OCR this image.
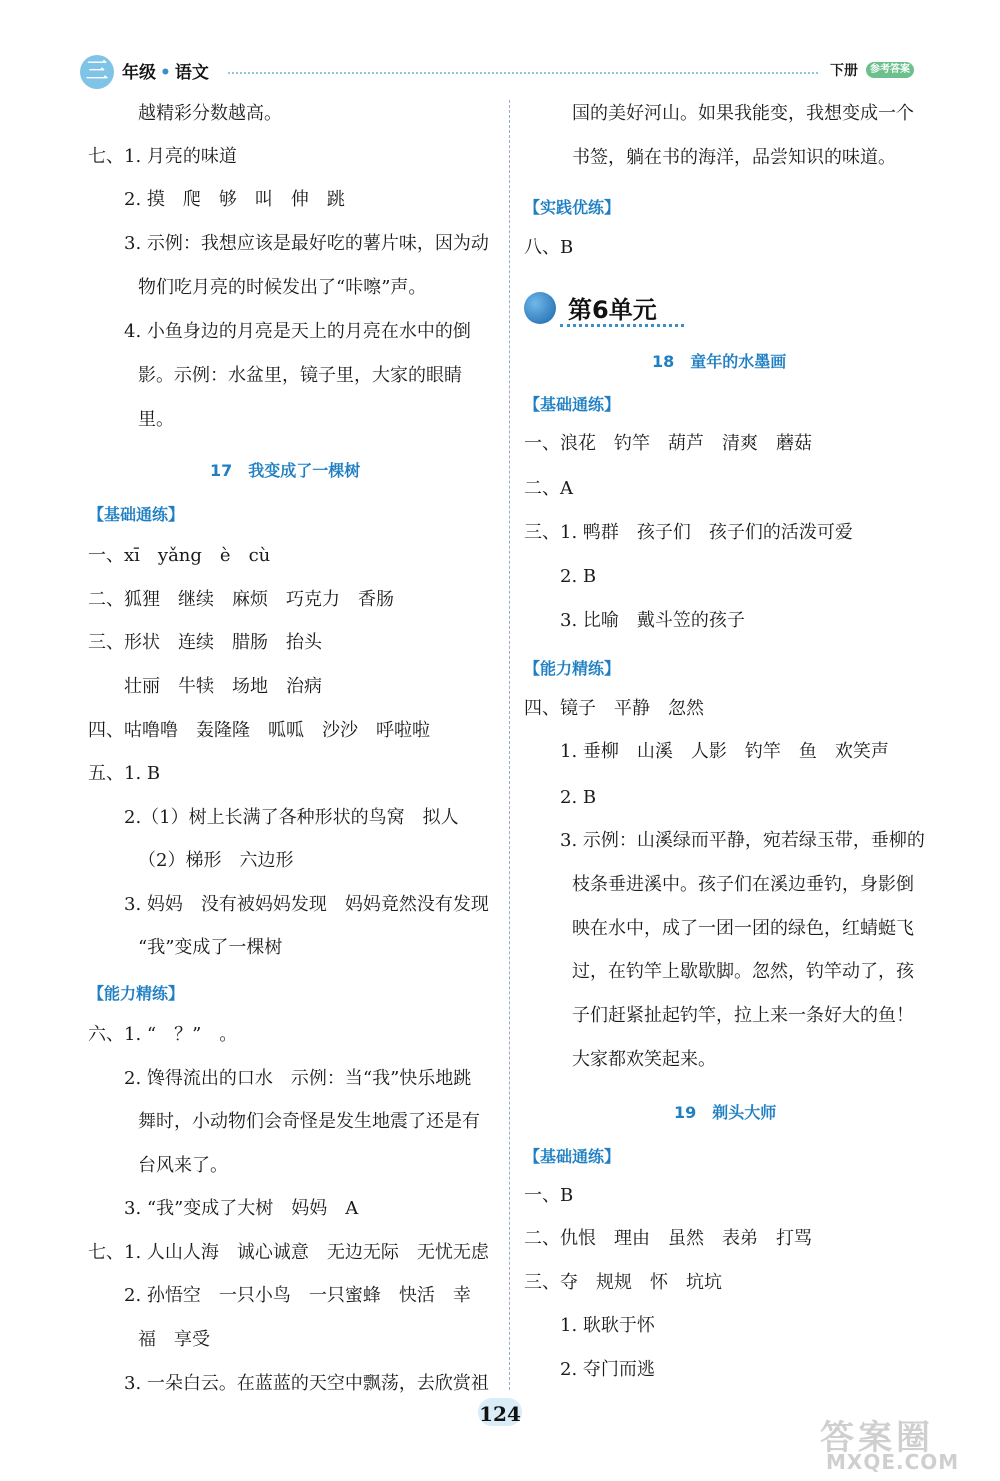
三 年级 • 语文	下册	参考答案
越精彩分数越高。
七、1. 月亮的味道
2. 摸　爬　够　叫　伸　跳
3. 示例：我想应该是最好吃的薯片味，因为动
物们吃月亮的时候发出了“咔嚓”声。
4. 小鱼身边的月亮是天上的月亮在水中的倒
影。示例：水盆里，镜子里，大家的眼睛
里。
17　我变成了一棵树
【基础通练】
一、xī　yǎng　è　cù
二、狐狸　继续　麻烦　巧克力　香肠
三、形状　连续　腊肠　抬头
壮丽　牛犊　场地　治病
四、咕噜噜　轰隆隆　呱呱　沙沙　呼啦啦
五、1. B
2.（1）树上长满了各种形状的鸟窝　拟人
（2）梯形　六边形
3. 妈妈　没有被妈妈发现　妈妈竟然没有发现
“我”变成了一棵树
【能力精练】
六、1. “　？”　。
2. 馋得流出的口水　示例：当“我”快乐地跳
舞时，小动物们会奇怪是发生地震了还是有
台风来了。
3. “我”变成了大树　妈妈　A
七、1. 人山人海　诚心诚意　无边无际　无忧无虑
2. 孙悟空　一只小鸟　一只蜜蜂　快活　幸
福　享受
3. 一朵白云。在蓝蓝的天空中飘荡，去欣赏祖
国的美好河山。如果我能变，我想变成一个
书签，躺在书的海洋，品尝知识的味道。
【实践优练】
八、B
第6单元
18　童年的水墨画
【基础通练】
一、浪花　钓竿　葫芦　清爽　蘑菇
二、A
三、1. 鸭群　孩子们　孩子们的活泼可爱
2. B
3. 比喻　戴斗笠的孩子
【能力精练】
四、镜子　平静　忽然
1. 垂柳　山溪　人影　钓竿　鱼　欢笑声
2. B
3. 示例：山溪绿而平静，宛若绿玉带，垂柳的
枝条垂进溪中。孩子们在溪边垂钓，身影倒
映在水中，成了一团一团的绿色，红蜻蜓飞
过，在钓竿上歇歇脚。忽然，钓竿动了，孩
子们赶紧扯起钓竿，拉上来一条好大的鱼！
大家都欢笑起来。
19　剃头大师
【基础通练】
一、B
二、仇恨　理由　虽然　表弟　打骂
三、夺　规规　怀　坑坑
1. 耿耿于怀
2. 夺门而逃
124
答案圈
MXQE.COM
